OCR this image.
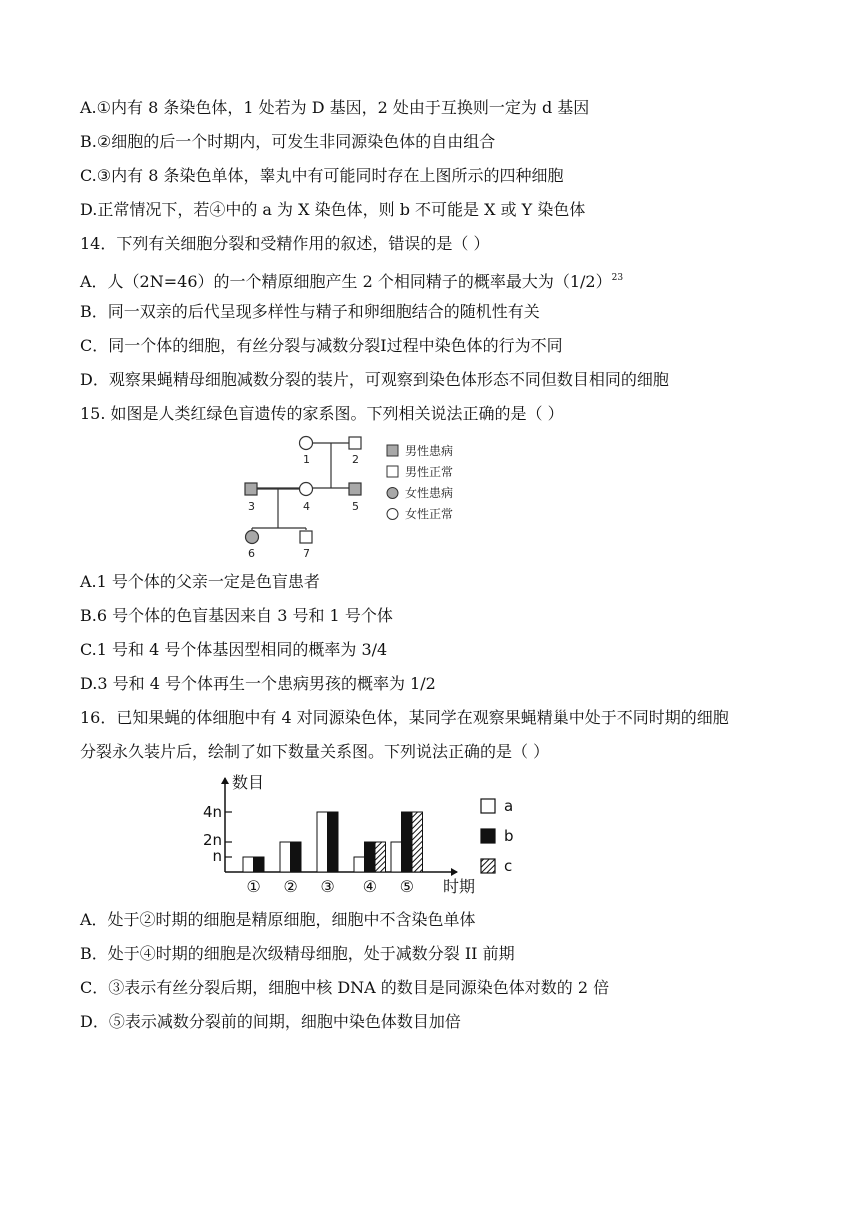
A.①内有 8 条染色体，1 处若为 D 基因，2 处由于互换则一定为 d 基因
B.②细胞的后一个时期内，可发生非同源染色体的自由组合
C.③内有 8 条染色单体，睾丸中有可能同时存在上图所示的四种细胞
D.正常情况下，若④中的 a 为 X 染色体，则 b 不可能是 X 或 Y 染色体
14．下列有关细胞分裂和受精作用的叙述，错误的是（ ）
A．人（2N=46）的一个精原细胞产生 2 个相同精子的概率最大为$(1/2)^{23}$
B．同一双亲的后代呈现多样性与精子和卵细胞结合的随机性有关
C．同一个体的细胞，有丝分裂与减数分裂Ⅰ过程中染色体的行为不同
D．观察果蝇精母细胞减数分裂的装片，可观察到染色体形态不同但数目相同的细胞
15. 如图是人类红绿色盲遗传的家系图。下列相关说法正确的是（ ）
1	2
3	4	5
6	7
男性患病
男性正常
女性患病
女性正常
A.1 号个体的父亲一定是色盲患者
B.6 号个体的色盲基因来自 3 号和 1 号个体
C.1 号和 4 号个体基因型相同的概率为 3/4
D.3 号和 4 号个体再生一个患病男孩的概率为 1/2
16．已知果蝇的体细胞中有 4 对同源染色体，某同学在观察果蝇精巢中处于不同时期的细胞
分裂永久装片后，绘制了如下数量关系图。下列说法正确的是（ ）
数目
4n
2n
n
时期
① ② ③ ④ ⑤
a
b
c
A．处于②时期的细胞是精原细胞，细胞中不含染色单体
B．处于④时期的细胞是次级精母细胞，处于减数分裂 II 前期
C．③表示有丝分裂后期，细胞中核 DNA 的数目是同源染色体对数的 2 倍
D．⑤表示减数分裂前的间期，细胞中染色体数目加倍
